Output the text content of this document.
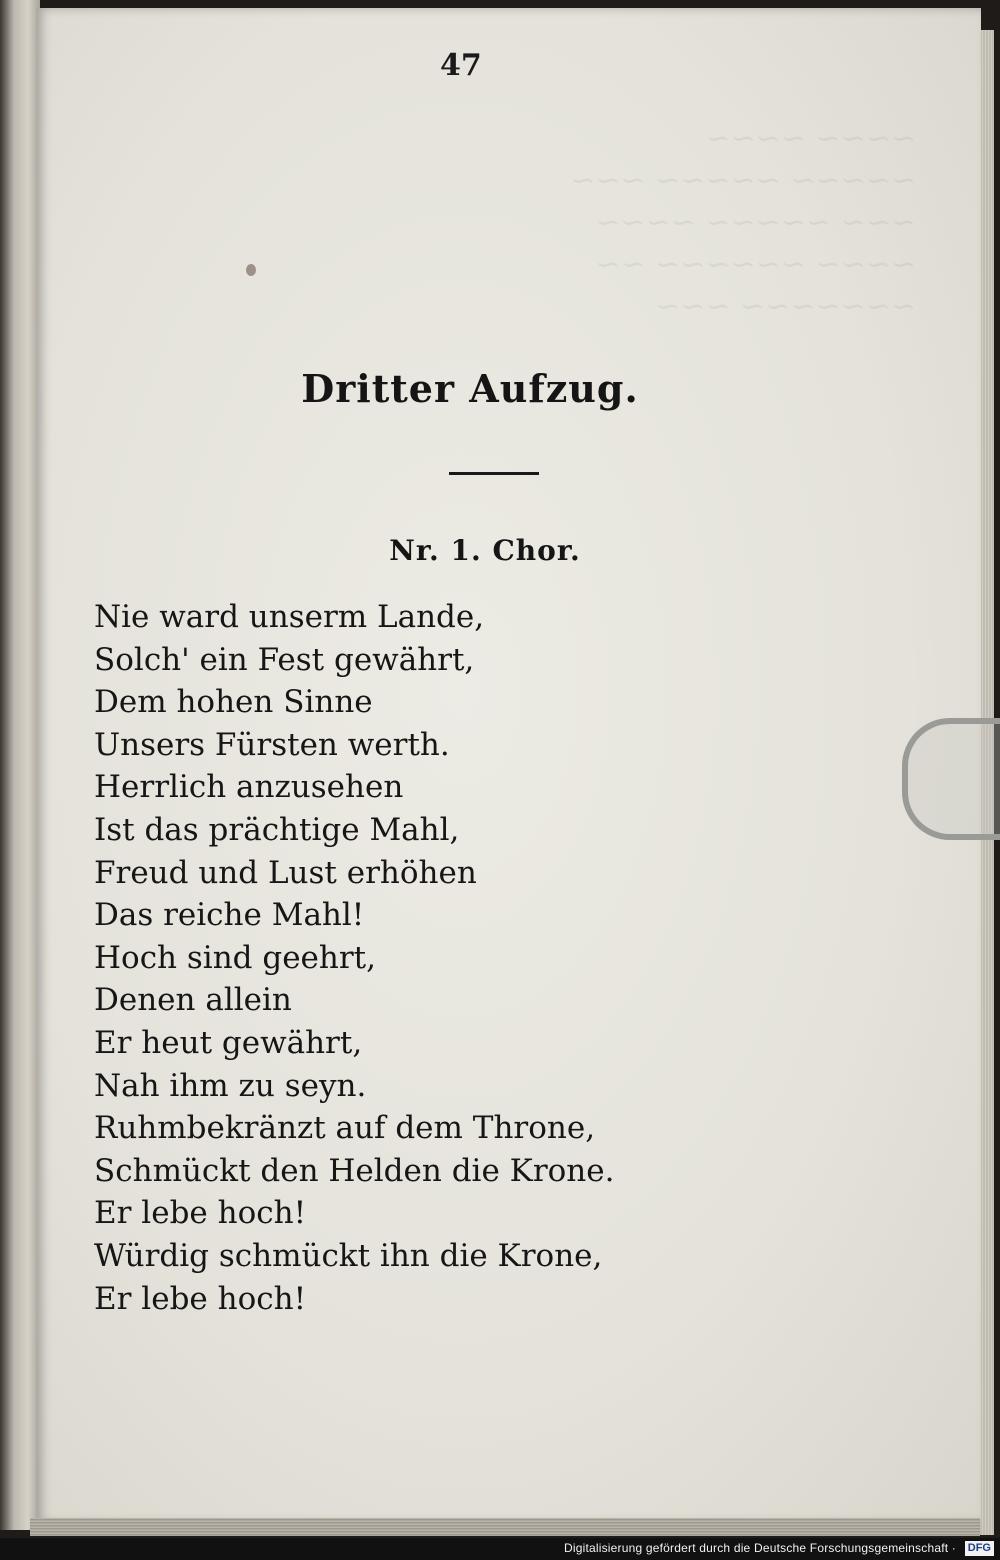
~~~~ ~~~~
~~~~~ ~~~~~ ~~~
~~~ ~~~~~ ~~~~
~~~~ ~~~~~~ ~~
~~~~~~~ ~~~
47
Dritter Aufzug.
Nr. 1. Chor.
Nie ward unserm Lande,
Solch' ein Fest gewährt,
Dem hohen Sinne
Unsers Fürsten werth.
Herrlich anzusehen
Ist das prächtige Mahl,
Freud und Lust erhöhen
Das reiche Mahl!
Hoch sind geehrt,
Denen allein
Er heut gewährt,
Nah ihm zu seyn.
Ruhmbekränzt auf dem Throne,
Schmückt den Helden die Krone.
Er lebe hoch!
Würdig schmückt ihn die Krone,
Er lebe hoch!
Digitalisierung gefördert durch die Deutsche Forschungsgemeinschaft · DFG
